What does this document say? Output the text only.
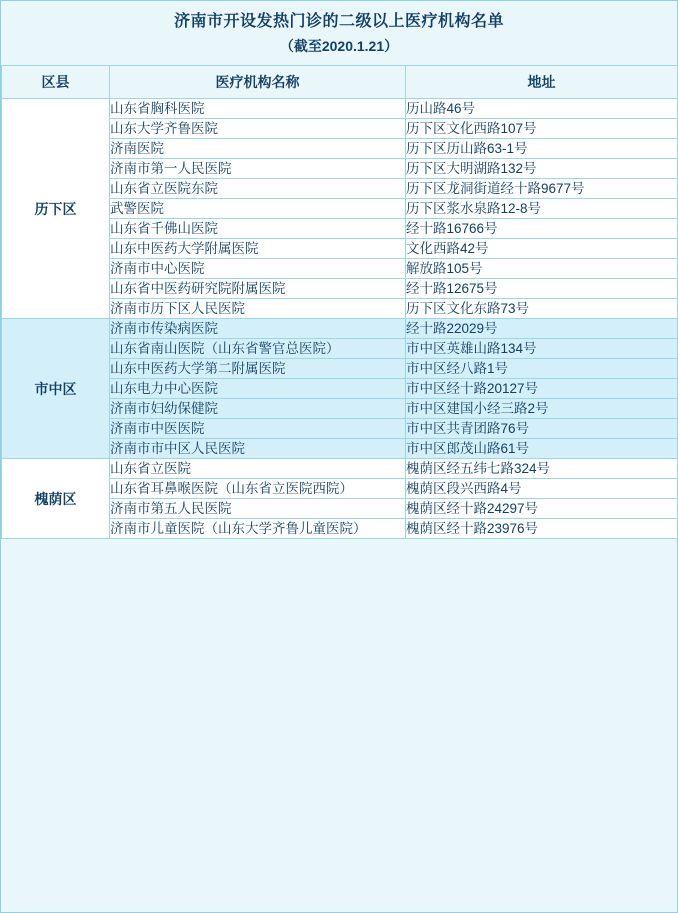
济南市开设发热门诊的二级以上医疗机构名单
（截至2020.1.21）
区县	医疗机构名称	地址
历下区	山东省胸科医院	历山路46号
	山东大学齐鲁医院	历下区文化西路107号
	济南医院	历下区历山路63-1号
	济南市第一人民医院	历下区大明湖路132号
	山东省立医院东院	历下区龙洞街道经十路9677号
	武警医院	历下区浆水泉路12-8号
	山东省千佛山医院	经十路16766号
	山东中医药大学附属医院	文化西路42号
	济南市中心医院	解放路105号
	山东省中医药研究院附属医院	经十路12675号
	济南市历下区人民医院	历下区文化东路73号
市中区	济南市传染病医院	经十路22029号
	山东省南山医院（山东省警官总医院）	市中区英雄山路134号
	山东中医药大学第二附属医院	市中区经八路1号
	山东电力中心医院	市中区经十路20127号
	济南市妇幼保健院	市中区建国小经三路2号
	济南市中医医院	市中区共青团路76号
	济南市市中区人民医院	市中区郎茂山路61号
槐荫区	山东省立医院	槐荫区经五纬七路324号
	山东省耳鼻喉医院（山东省立医院西院）	槐荫区段兴西路4号
	济南市第五人民医院	槐荫区经十路24297号
	济南市儿童医院（山东大学齐鲁儿童医院）	槐荫区经十路23976号
